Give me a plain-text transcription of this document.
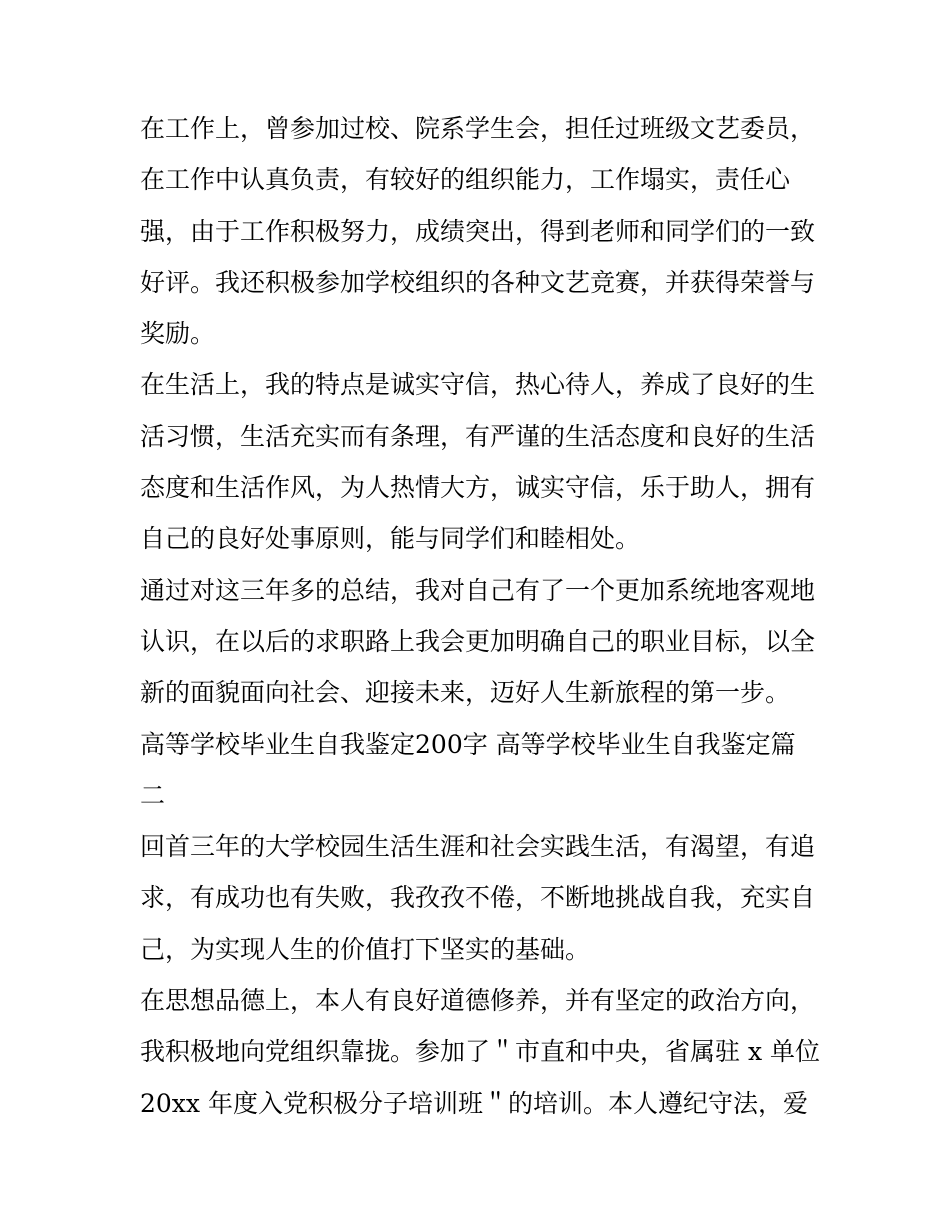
在工作上，曾参加过校、院系学生会，担任过班级文艺委员，

在工作中认真负责，有较好的组织能力，工作塌实，责任心

强，由于工作积极努力，成绩突出，得到老师和同学们的一致

好评。我还积极参加学校组织的各种文艺竞赛，并获得荣誉与

奖励。

在生活上，我的特点是诚实守信，热心待人，养成了良好的生

活习惯，生活充实而有条理，有严谨的生活态度和良好的生活

态度和生活作风，为人热情大方，诚实守信，乐于助人，拥有

自己的良好处事原则，能与同学们和睦相处。

通过对这三年多的总结，我对自己有了一个更加系统地客观地

认识，在以后的求职路上我会更加明确自己的职业目标，以全

新的面貌面向社会、迎接未来，迈好人生新旅程的第一步。

高等学校毕业生自我鉴定200字 高等学校毕业生自我鉴定篇

二

回首三年的大学校园生活生涯和社会实践生活，有渴望，有追

求，有成功也有失败，我孜孜不倦，不断地挑战自我，充实自

己，为实现人生的价值打下坚实的基础。

在思想品德上，本人有良好道德修养，并有坚定的政治方向，

我积极地向党组织靠拢。参加了＂市直和中央，省属驻 x 单位

20xx 年度入党积极分子培训班＂的培训。本人遵纪守法，爱
